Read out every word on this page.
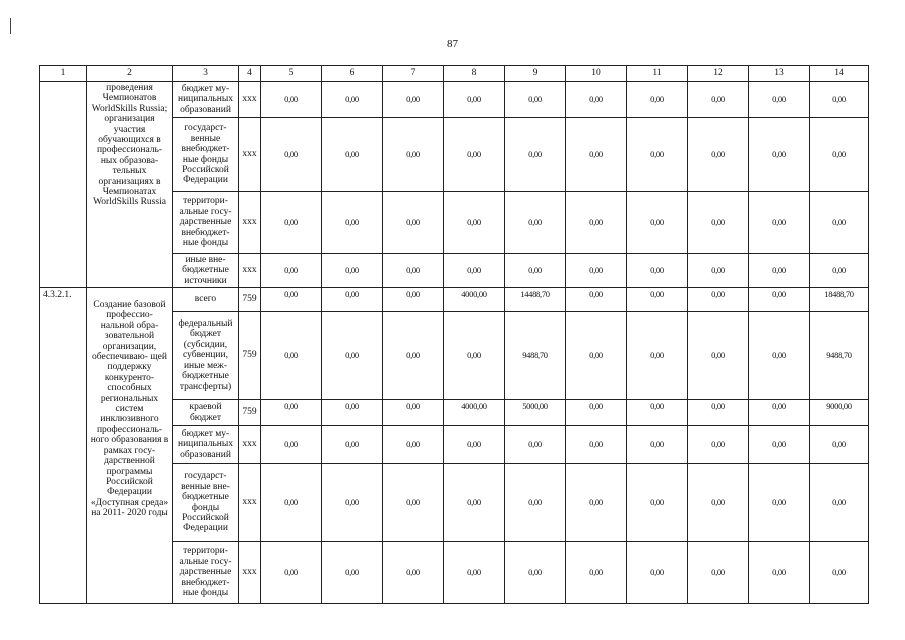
87
1	2	3	4	5	6	7	8	9	10	11	12	13	14
	проведения Чемпионатов WorldSkills Russia; организация участия обучающихся в профессиональ- ных образова- тельных организациях в Чемпионатах WorldSkills Russia	бюджет му- ниципальных образований	ххх	0,00	0,00	0,00	0,00	0,00	0,00	0,00	0,00	0,00	0,00
		государст- венные внебюджет- ные фонды Российской Федерации	ххх	0,00	0,00	0,00	0,00	0,00	0,00	0,00	0,00	0,00	0,00
		территори- альные госу- дарственные внебюджет- ные фонды	ххх	0,00	0,00	0,00	0,00	0,00	0,00	0,00	0,00	0,00	0,00
		иные вне- бюджетные источники	ххх	0,00	0,00	0,00	0,00	0,00	0,00	0,00	0,00	0,00	0,00
4.3.2.1.	Создание базовой профессио- нальной обра- зовательной организации, обеспечиваю- щей поддержку конкуренто- способных региональных систем инклюзивного профессиональ- ного образования в рамках госу- дарственной программы Российской Федерации «Доступная среда» на 2011- 2020 годы	всего	759	0,00	0,00	0,00	4000,00	14488,70	0,00	0,00	0,00	0,00	18488,70
		федеральный бюджет (субсидии, субвенции, иные меж- бюджетные трансферты)	759	0,00	0,00	0,00	0,00	9488,70	0,00	0,00	0,00	0,00	9488,70
		краевой бюджет	759	0,00	0,00	0,00	4000,00	5000,00	0,00	0,00	0,00	0,00	9000,00
		бюджет му- ниципальных образований	ххх	0,00	0,00	0,00	0,00	0,00	0,00	0,00	0,00	0,00	0,00
		государст- венные вне- бюджетные фонды Российской Федерации	ххх	0,00	0,00	0,00	0,00	0,00	0,00	0,00	0,00	0,00	0,00
		территори- альные госу- дарственные внебюджет- ные фонды	ххх	0,00	0,00	0,00	0,00	0,00	0,00	0,00	0,00	0,00	0,00
